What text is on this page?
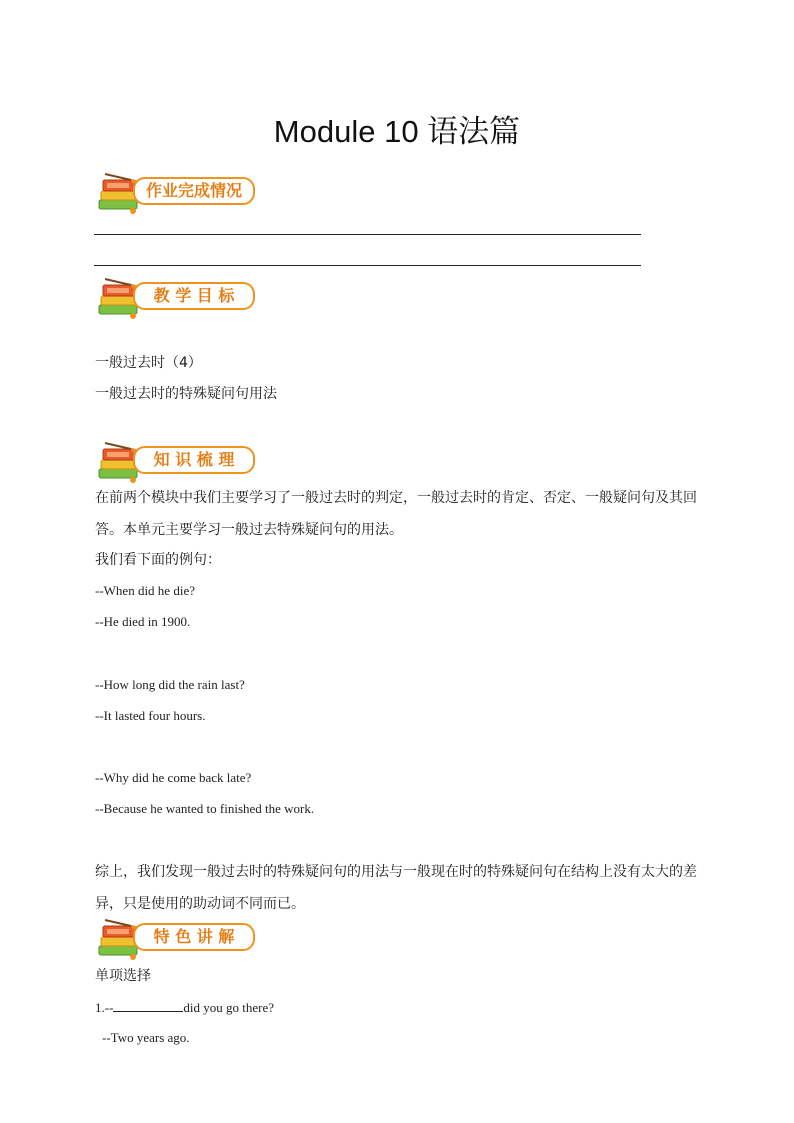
Module 10 语法篇
作业完成情况
教 学 目 标
一般过去时（4）
一般过去时的特殊疑问句用法
知 识 梳 理
在前两个模块中我们主要学习了一般过去时的判定，一般过去时的肯定、否定、一般疑问句及其回答。本单元主要学习一般过去特殊疑问句的用法。
我们看下面的例句：
--When did he die?
--He died in 1900.
--How long did the rain last?
--It lasted four hours.
--Why did he come back late?
--Because he wanted to finished the work.
综上，我们发现一般过去时的特殊疑问句的用法与一般现在时的特殊疑问句在结构上没有太大的差异，只是使用的助动词不同而已。
特 色 讲 解
单项选择
1.--	did you go there?
--Two years ago.
